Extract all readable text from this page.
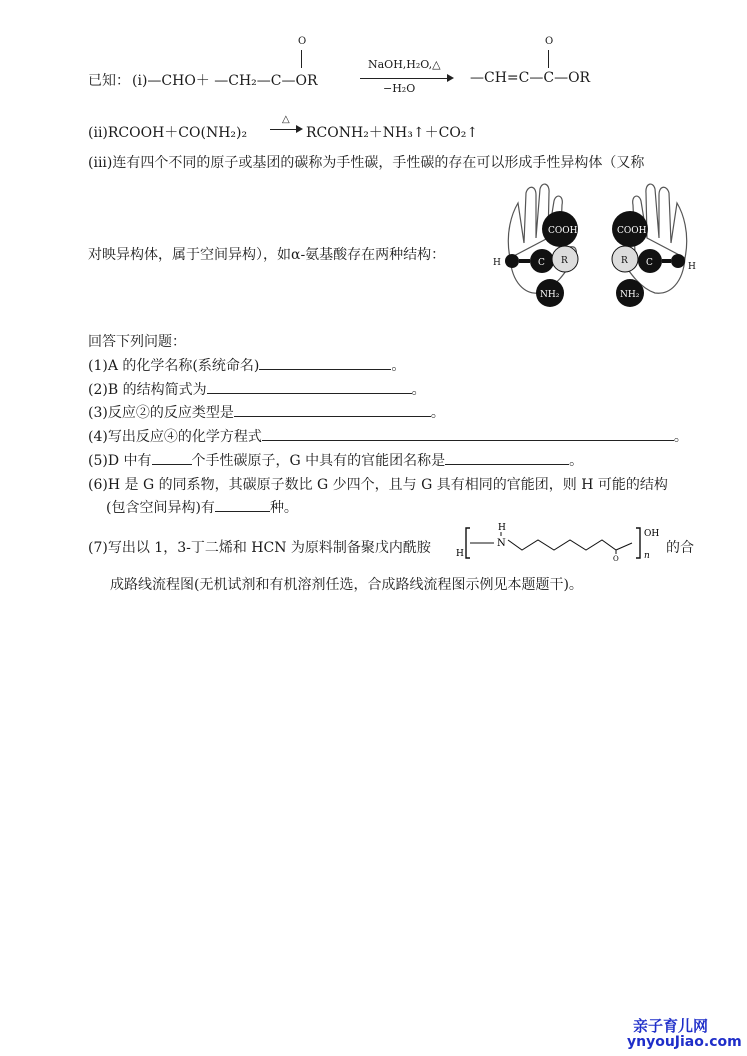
已知： (i)—CHO＋ —CH₂—C—OR
O
NaOH,H₂O,△
−H₂O
—CH=C—C—OR
O
(ii)RCOOH＋CO(NH₂)₂
△
RCONH₂＋NH₃↑＋CO₂↑
(iii)连有四个不同的原子或基团的碳称为手性碳，手性碳的存在可以形成手性异构体（又称
对映异构体，属于空间异构），如α-氨基酸存在两种结构：
COOH
C R
H
NH₂
COOH
C
R
H
NH₂
回答下列问题：
(1)A 的化学名称(系统命名)	。
(2)B 的结构简式为	。
(3)反应②的反应类型是	。
(4)写出反应④的化学方程式	。
(5)D 中有	个手性碳原子，G 中具有的官能团名称是	。
(6)H 是 G 的同系物，其碳原子数比 G 少四个，且与 G 具有相同的官能团，则 H 可能的结构
(包含空间异构)有	种。
(7)写出以 1，3-丁二烯和 HCN 为原料制备聚戊内酰胺	H
H
N
O
OH
n 的合
成路线流程图(无机试剂和有机溶剂任选，合成路线流程图示例见本题题干)。
亲子育儿网
ynyouJiao.com
